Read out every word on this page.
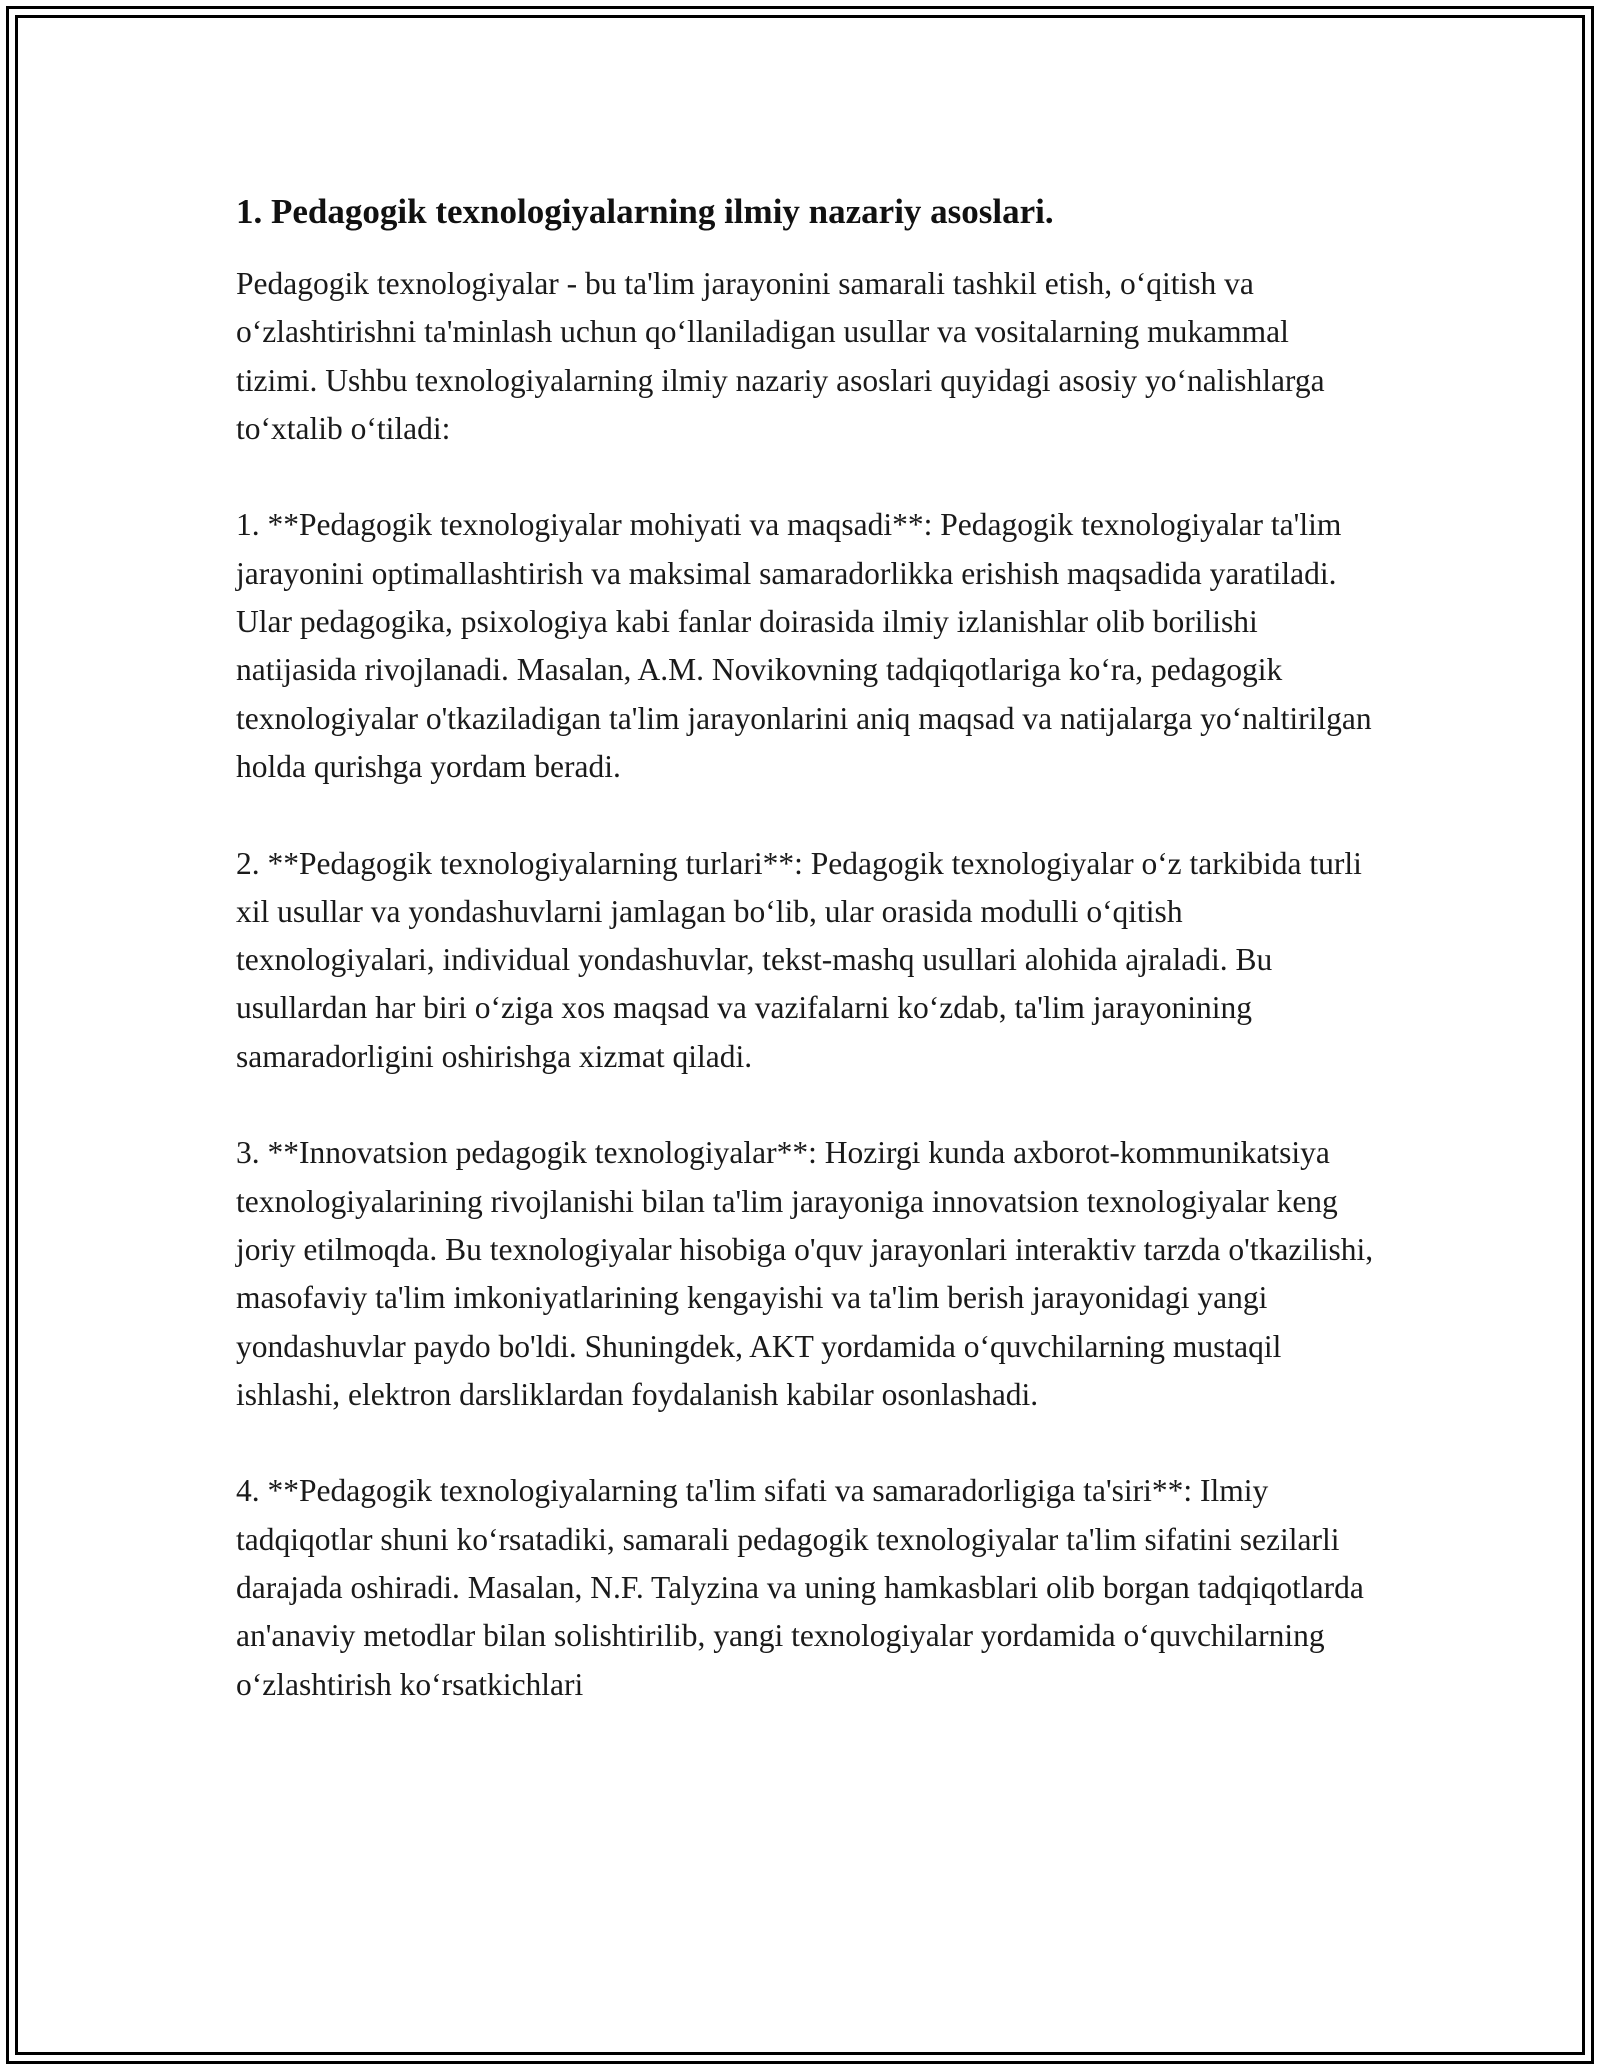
1. Pedagogik texnologiyalarning ilmiy nazariy asoslari.

Pedagogik texnologiyalar - bu ta'lim jarayonini samarali tashkil etish, o‘qitish va o‘zlashtirishni ta'minlash uchun qo‘llaniladigan usullar va vositalarning mukammal tizimi. Ushbu texnologiyalarning ilmiy nazariy asoslari quyidagi asosiy yo‘nalishlarga to‘xtalib o‘tiladi:

1. **Pedagogik texnologiyalar mohiyati va maqsadi**: Pedagogik texnologiyalar ta'lim jarayonini optimallashtirish va maksimal samaradorlikka erishish maqsadida yaratiladi. Ular pedagogika, psixologiya kabi fanlar doirasida ilmiy izlanishlar olib borilishi natijasida rivojlanadi. Masalan, A.M. Novikovning tadqiqotlariga ko‘ra, pedagogik texnologiyalar o'tkaziladigan ta'lim jarayonlarini aniq maqsad va natijalarga yo‘naltirilgan holda qurishga yordam beradi.

2. **Pedagogik texnologiyalarning turlari**: Pedagogik texnologiyalar o‘z tarkibida turli xil usullar va yondashuvlarni jamlagan bo‘lib, ular orasida modulli o‘qitish texnologiyalari, individual yondashuvlar, tekst-mashq usullari alohida ajraladi. Bu usullardan har biri o‘ziga xos maqsad va vazifalarni ko‘zdab, ta'lim jarayonining samaradorligini oshirishga xizmat qiladi.

3. **Innovatsion pedagogik texnologiyalar**: Hozirgi kunda axborot-kommunikatsiya texnologiyalarining rivojlanishi bilan ta'lim jarayoniga innovatsion texnologiyalar keng joriy etilmoqda. Bu texnologiyalar hisobiga o'quv jarayonlari interaktiv tarzda o'tkazilishi, masofaviy ta'lim imkoniyatlarining kengayishi va ta'lim berish jarayonidagi yangi yondashuvlar paydo bo'ldi. Shuningdek, AKT yordamida o‘quvchilarning mustaqil ishlashi, elektron darsliklardan foydalanish kabilar osonlashadi.

4. **Pedagogik texnologiyalarning ta'lim sifati va samaradorligiga ta'siri**: Ilmiy tadqiqotlar shuni ko‘rsatadiki, samarali pedagogik texnologiyalar ta'lim sifatini sezilarli darajada oshiradi. Masalan, N.F. Talyzina va uning hamkasblari olib borgan tadqiqotlarda an'anaviy metodlar bilan solishtirilib, yangi texnologiyalar yordamida o‘quvchilarning o‘zlashtirish ko‘rsatkichlari
